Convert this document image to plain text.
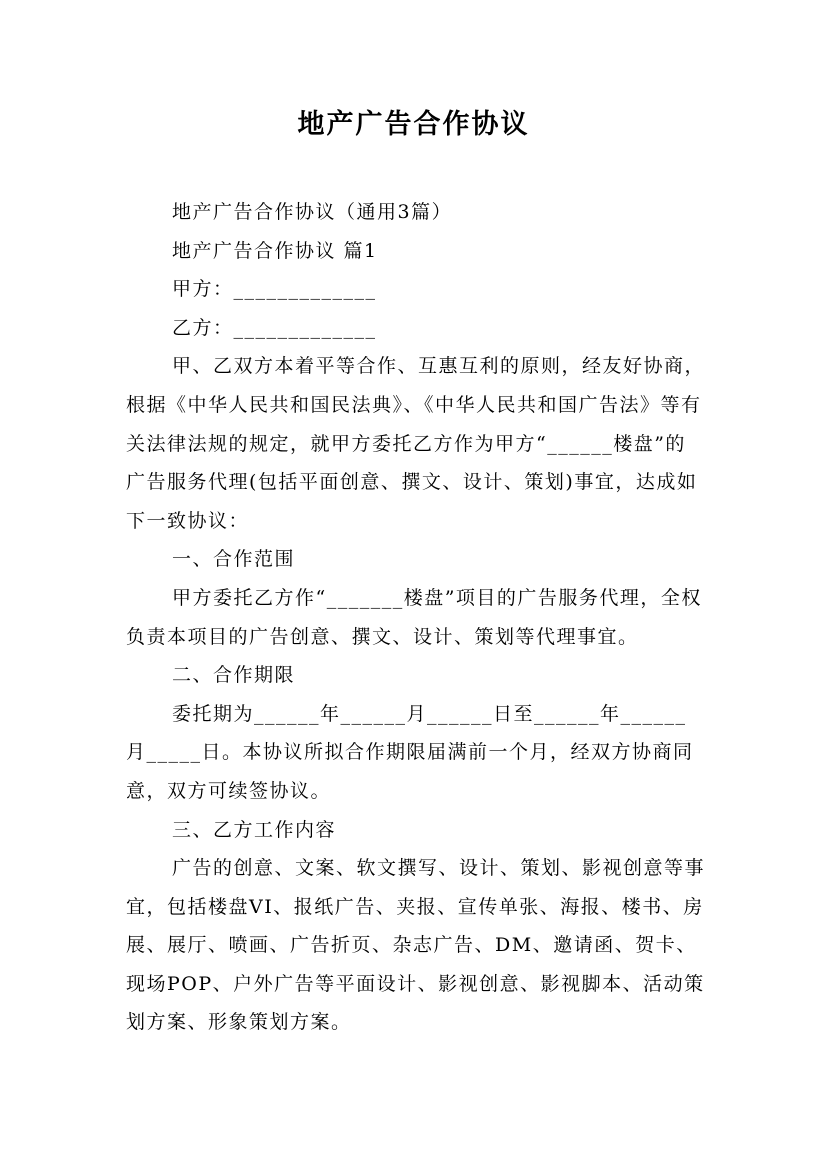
地产广告合作协议

地产广告合作协议（通用3篇）

地产广告合作协议 篇1

甲方：_____________

乙方：_____________

甲、乙双方本着平等合作、互惠互利的原则，经友好协商，根据《中华人民共和国民法典》、《中华人民共和国广告法》等有关法律法规的规定，就甲方委托乙方作为甲方“______楼盘”的广告服务代理(包括平面创意、撰文、设计、策划)事宜，达成如下一致协议：

一、合作范围

甲方委托乙方作“_______楼盘”项目的广告服务代理，全权负责本项目的广告创意、撰文、设计、策划等代理事宜。

二、合作期限

委托期为______年______月______日至______年______月_____日。本协议所拟合作期限届满前一个月，经双方协商同意，双方可续签协议。

三、乙方工作内容

广告的创意、文案、软文撰写、设计、策划、影视创意等事宜，包括楼盘VI、报纸广告、夹报、宣传单张、海报、楼书、房展、展厅、喷画、广告折页、杂志广告、DM、邀请函、贺卡、现场POP、户外广告等平面设计、影视创意、影视脚本、活动策划方案、形象策划方案。
